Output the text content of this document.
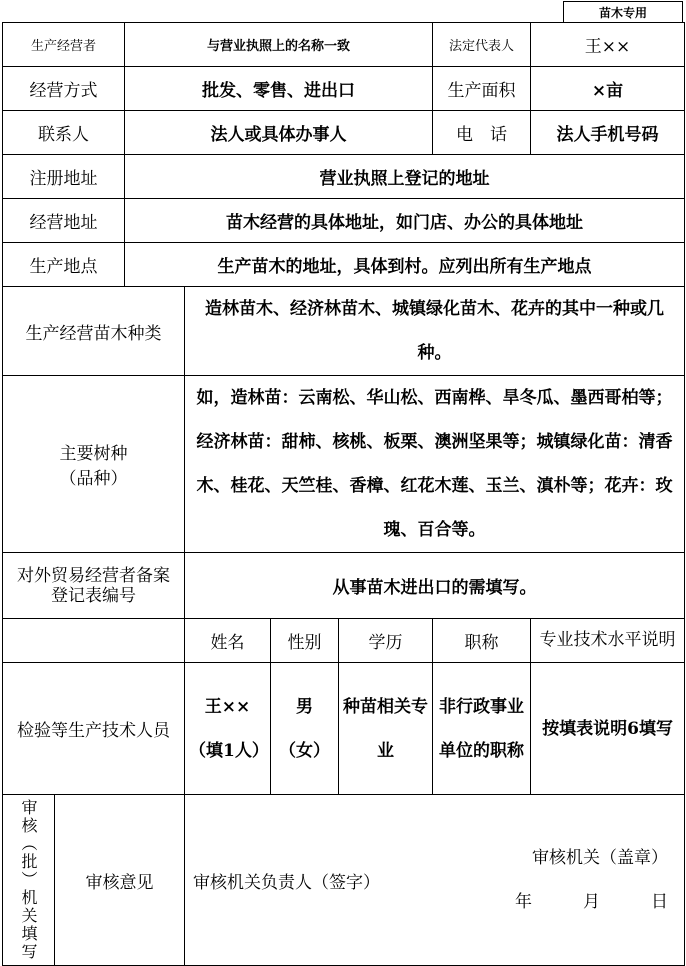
苗木专用
生产经营者		与营业执照上的名称一致				法定代表人	王××
经营方式		批发、零售、进出口				生产面积	×亩
联系人		法人或具体办事人				电　话	法人手机号码
注册地址		营业执照上登记的地址					
经营地址		苗木经营的具体地址，如门店、办公的具体地址					
生产地点		生产苗木的地址，具体到村。应列出所有生产地点					
生产经营苗木种类			造林苗木、经济林苗木、城镇绿化苗木、花卉的其中一种或几种。				

主要树种
（品种）			如，造林苗：云南松、华山松、西南桦、旱冬瓜、墨西哥柏等；经济林苗：甜柿、核桃、板栗、澳洲坚果等；城镇绿化苗：清香木、桂花、天竺桂、香樟、红花木莲、玉兰、滇朴等；花卉：玫瑰、百合等。				

对外贸易经营者备案
登记表编号			从事苗木进出口的需填写。				
			姓名	性别	学历	职称	专业技术水平说明
检验等生产技术人员			王××（填1人）	男（女）	种苗相关专业	非行政事业单位的职称	按填表说明6填写
审核（批）机关填写	审核意见		审核机关负责人（签字）
审核机关（盖章）
年　　　月　　　日				
